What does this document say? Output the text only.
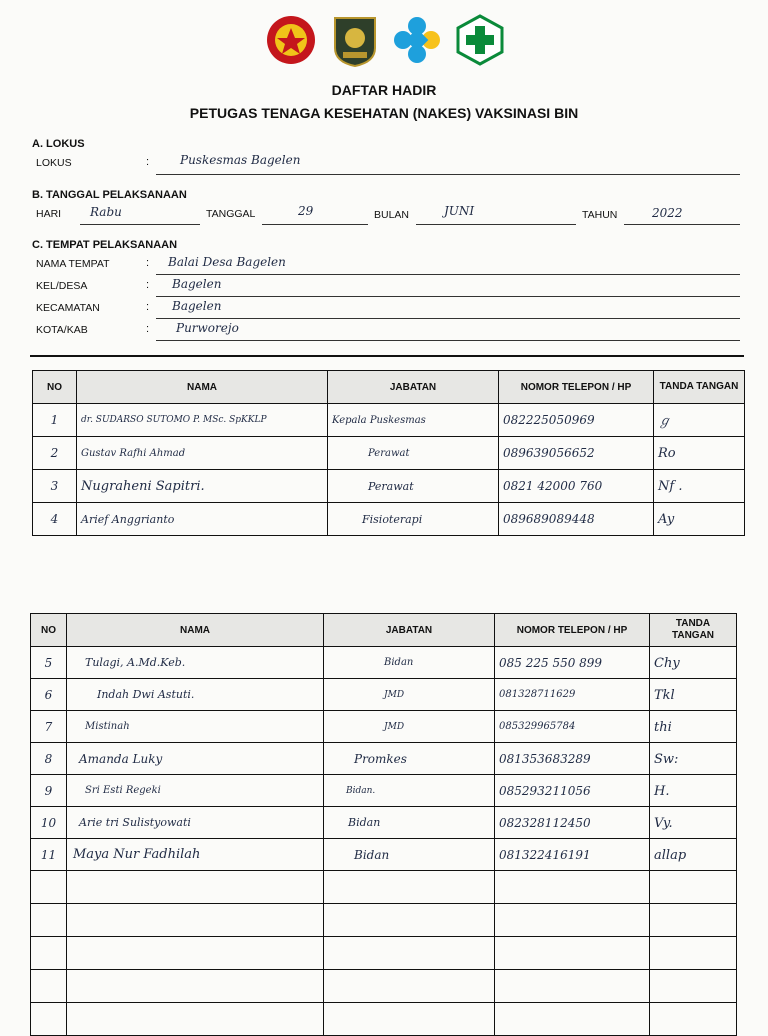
DAFTAR HADIR
PETUGAS TENAGA KESEHATAN (NAKES) VAKSINASI BIN
A. LOKUS
LOKUS	:	Puskesmas Bagelen
B. TANGGAL PELAKSANAAN
HARI Rabu	TANGGAL	29	BULAN	JUNI	TAHUN	2022
C. TEMPAT PELAKSANAAN
NAMA TEMPAT	: Balai Desa Bagelen
KEL/DESA	: Bagelen
KECAMATAN	: Bagelen
KOTA/KAB	: Purworejo
NO	NAMA	JABATAN	NOMOR TELEPON / HP	TANDA TANGAN
1	dr. SUDARSO SUTOMO P. MSc. SpKKLP	Kepala Puskesmas	082225050969	ℊ
2	Gustav Rafhi Ahmad	Perawat	089639056652	Ro
3	Nugraheni Sapitri.	Perawat	0821 42000 760	Nf .
4	Arief Anggrianto	Fisioterapi	089689089448	Ay
NO	NAMA	JABATAN	NOMOR TELEPON / HP	TANDA TANGAN
5	Tulagi, A.Md.Keb.	Bidan	085 225 550 899	Chy
6	Indah Dwi Astuti.	JMD	081328711629	Tkl
7	Mistinah	JMD	085329965784	thi
8	Amanda Luky	Promkes	081353683289	Sw:
9	Sri Esti Regeki	Bidan.	085293211056	H.
10	Arie tri Sulistyowati	Bidan	082328112450	Vy.
11	Maya Nur Fadhilah	Bidan	081322416191	allap
